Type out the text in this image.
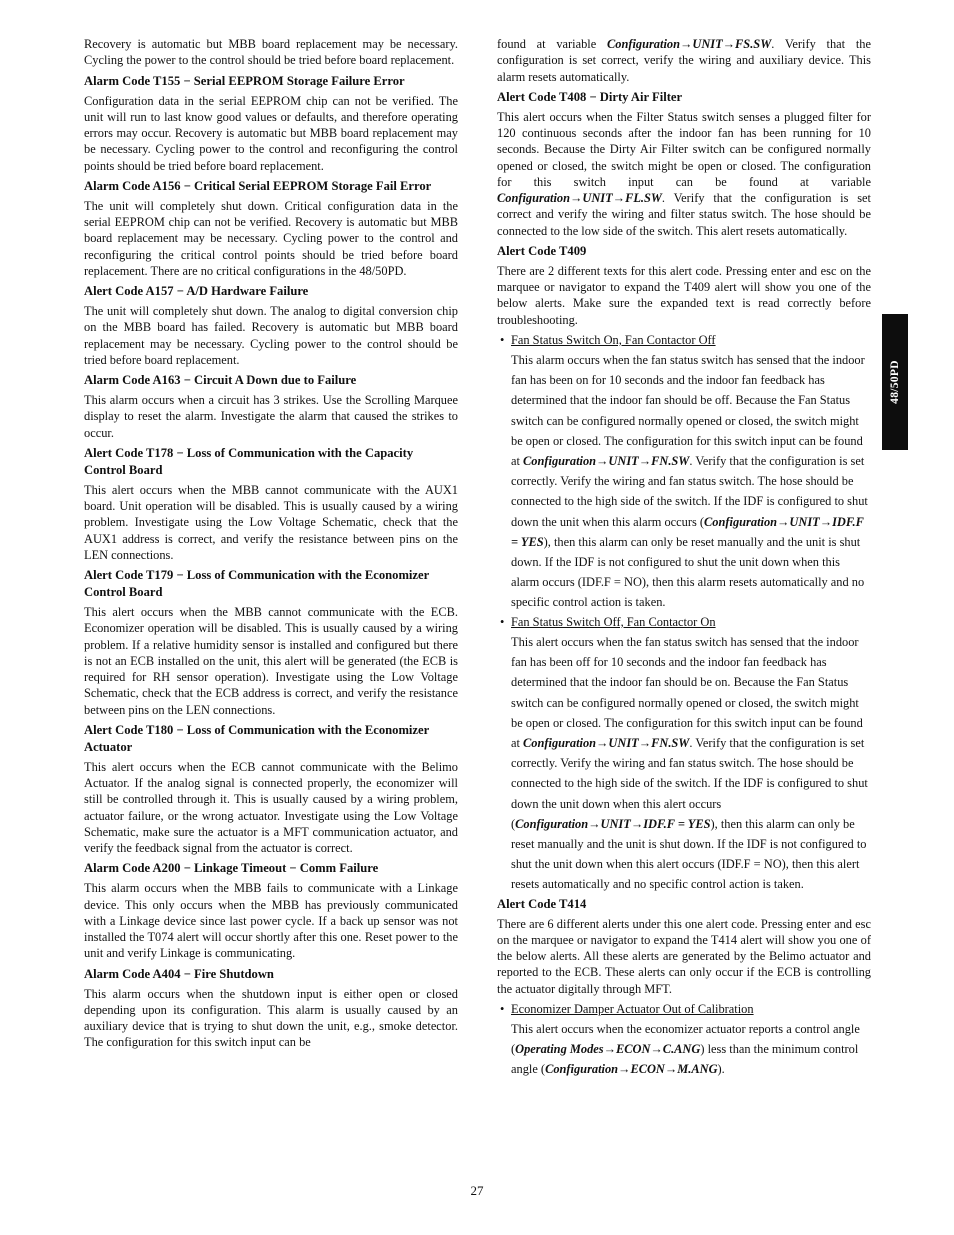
Recovery is automatic but MBB board replacement may be necessary. Cycling the power to the control should be tried before board replacement.
Alarm Code T155 − Serial EEPROM Storage Failure Error
Configuration data in the serial EEPROM chip can not be verified. The unit will run to last know good values or defaults, and therefore operating errors may occur. Recovery is automatic but MBB board replacement may be necessary. Cycling power to the control and reconfiguring the control points should be tried before board replacement.
Alarm Code A156 − Critical Serial EEPROM Storage Fail Error
The unit will completely shut down. Critical configuration data in the serial EEPROM chip can not be verified. Recovery is automatic but MBB board replacement may be necessary. Cycling power to the control and reconfiguring the critical control points should be tried before board replacement. There are no critical configurations in the 48/50PD.
Alert Code A157 − A/D Hardware Failure
The unit will completely shut down. The analog to digital conversion chip on the MBB board has failed. Recovery is automatic but MBB board replacement may be necessary. Cycling power to the control should be tried before board replacement.
Alarm Code A163 − Circuit A Down due to Failure
This alarm occurs when a circuit has 3 strikes. Use the Scrolling Marquee display to reset the alarm. Investigate the alarm that caused the strikes to occur.
Alert Code T178 − Loss of Communication with the Capacity Control Board
This alert occurs when the MBB cannot communicate with the AUX1 board. Unit operation will be disabled. This is usually caused by a wiring problem. Investigate using the Low Voltage Schematic, check that the AUX1 address is correct, and verify the resistance between pins on the LEN connections.
Alert Code T179 − Loss of Communication with the Economizer Control Board
This alert occurs when the MBB cannot communicate with the ECB. Economizer operation will be disabled. This is usually caused by a wiring problem. If a relative humidity sensor is installed and configured but there is not an ECB installed on the unit, this alert will be generated (the ECB is required for RH sensor operation). Investigate using the Low Voltage Schematic, check that the ECB address is correct, and verify the resistance between pins on the LEN connections.
Alert Code T180 − Loss of Communication with the Economizer Actuator
This alert occurs when the ECB cannot communicate with the Belimo Actuator. If the analog signal is connected properly, the economizer will still be controlled through it. This is usually caused by a wiring problem, actuator failure, or the wrong actuator. Investigate using the Low Voltage Schematic, make sure the actuator is a MFT communication actuator, and verify the feedback signal from the actuator is correct.
Alarm Code A200 − Linkage Timeout − Comm Failure
This alarm occurs when the MBB fails to communicate with a Linkage device. This only occurs when the MBB has previously communicated with a Linkage device since last power cycle. If a back up sensor was not installed the T074 alert will occur shortly after this one. Reset power to the unit and verify Linkage is communicating.
Alarm Code A404 − Fire Shutdown
This alarm occurs when the shutdown input is either open or closed depending upon its configuration. This alarm is usually caused by an auxiliary device that is trying to shut down the unit, e.g., smoke detector. The configuration for this switch input can be
found at variable Configuration→UNIT→FS.SW. Verify that the configuration is set correct, verify the wiring and auxiliary device. This alarm resets automatically.
Alert Code T408 − Dirty Air Filter
This alert occurs when the Filter Status switch senses a plugged filter for 120 continuous seconds after the indoor fan has been running for 10 seconds. Because the Dirty Air Filter switch can be configured normally opened or closed, the switch might be open or closed. The configuration for this switch input can be found at variable Configuration→UNIT→FL.SW. Verify that the configuration is set correct and verify the wiring and filter status switch. The hose should be connected to the low side of the switch. This alert resets automatically.
Alert Code T409
There are 2 different texts for this alert code. Pressing enter and esc on the marquee or navigator to expand the T409 alert will show you one of the below alerts. Make sure the expanded text is read correctly before troubleshooting.
• Fan Status Switch On, Fan Contactor Off
This alarm occurs when the fan status switch has sensed that the indoor fan has been on for 10 seconds and the indoor fan feedback has determined that the indoor fan should be off. Because the Fan Status switch can be configured normally opened or closed, the switch might be open or closed. The configuration for this switch input can be found at Configuration→UNIT→FN.SW. Verify that the configuration is set correctly. Verify the wiring and fan status switch. The hose should be connected to the high side of the switch. If the IDF is configured to shut down the unit when this alarm occurs (Configuration→UNIT→IDF.F = YES), then this alarm can only be reset manually and the unit is shut down. If the IDF is not configured to shut the unit down when this alarm occurs (IDF.F = NO), then this alarm resets automatically and no specific control action is taken.
• Fan Status Switch Off, Fan Contactor On
This alert occurs when the fan status switch has sensed that the indoor fan has been off for 10 seconds and the indoor fan feedback has determined that the indoor fan should be on. Because the Fan Status switch can be configured normally opened or closed, the switch might be open or closed. The configuration for this switch input can be found at Configuration→UNIT→FN.SW. Verify that the configuration is set correctly. Verify the wiring and fan status switch. The hose should be connected to the high side of the switch. If the IDF is configured to shut down the unit down when this alert occurs (Configuration→UNIT→IDF.F = YES), then this alarm can only be reset manually and the unit is shut down. If the IDF is not configured to shut the unit down when this alert occurs (IDF.F = NO), then this alert resets automatically and no specific control action is taken.
Alert Code T414
There are 6 different alerts under this one alert code. Pressing enter and esc on the marquee or navigator to expand the T414 alert will show you one of the below alerts. All these alerts are generated by the Belimo actuator and reported to the ECB. These alerts can only occur if the ECB is controlling the actuator digitally through MFT.
• Economizer Damper Actuator Out of Calibration
This alert occurs when the economizer actuator reports a control angle (Operating Modes→ECON→C.ANG) less than the minimum control angle (Configuration→ECON→M.ANG).
48/50PD
27
